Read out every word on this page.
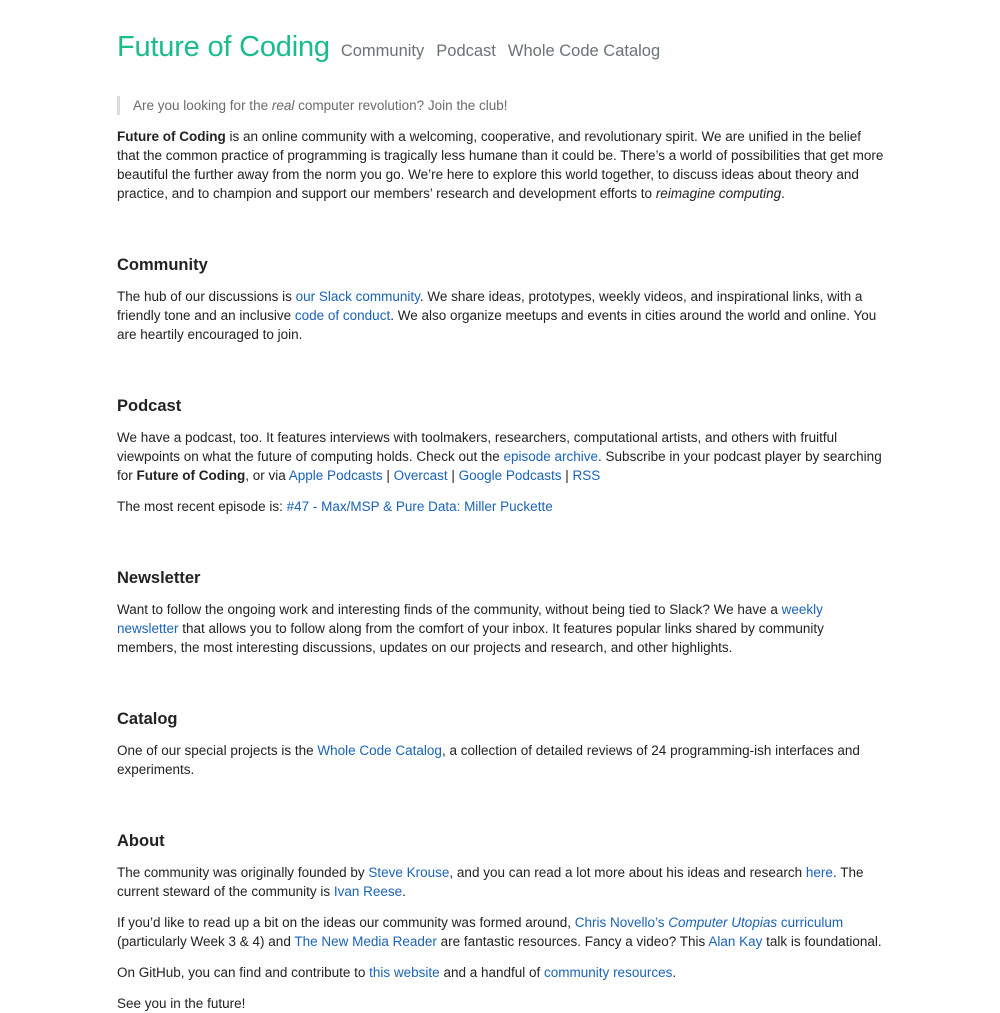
Future of Coding Community Podcast Whole Code Catalog
Are you looking for the real computer revolution? Join the club!

Future of Coding is an online community with a welcoming, cooperative, and revolutionary spirit. We are unified in the belief that the common practice of programming is tragically less humane than it could be. There’s a world of possibilities that get more beautiful the further away from the norm you go. We’re here to explore this world together, to discuss ideas about theory and practice, and to champion and support our members’ research and development efforts to reimagine computing.

Community

The hub of our discussions is our Slack community. We share ideas, prototypes, weekly videos, and inspirational links, with a friendly tone and an inclusive code of conduct. We also organize meetups and events in cities around the world and online. You are heartily encouraged to join.

Podcast

We have a podcast, too. It features interviews with toolmakers, researchers, computational artists, and others with fruitful viewpoints on what the future of computing holds. Check out the episode archive. Subscribe in your podcast player by searching for Future of Coding, or via Apple Podcasts | Overcast | Google Podcasts | RSS

The most recent episode is: #47 - Max/MSP & Pure Data: Miller Puckette

Newsletter

Want to follow the ongoing work and interesting finds of the community, without being tied to Slack? We have a weekly newsletter that allows you to follow along from the comfort of your inbox. It features popular links shared by community members, the most interesting discussions, updates on our projects and research, and other highlights.

Catalog

One of our special projects is the Whole Code Catalog, a collection of detailed reviews of 24 programming-ish interfaces and experiments.

About

The community was originally founded by Steve Krouse, and you can read a lot more about his ideas and research here. The current steward of the community is Ivan Reese.

If you’d like to read up a bit on the ideas our community was formed around, Chris Novello’s Computer Utopias curriculum (particularly Week 3 & 4) and The New Media Reader are fantastic resources. Fancy a video? This Alan Kay talk is foundational.

On GitHub, you can find and contribute to this website and a handful of community resources.

See you in the future!
